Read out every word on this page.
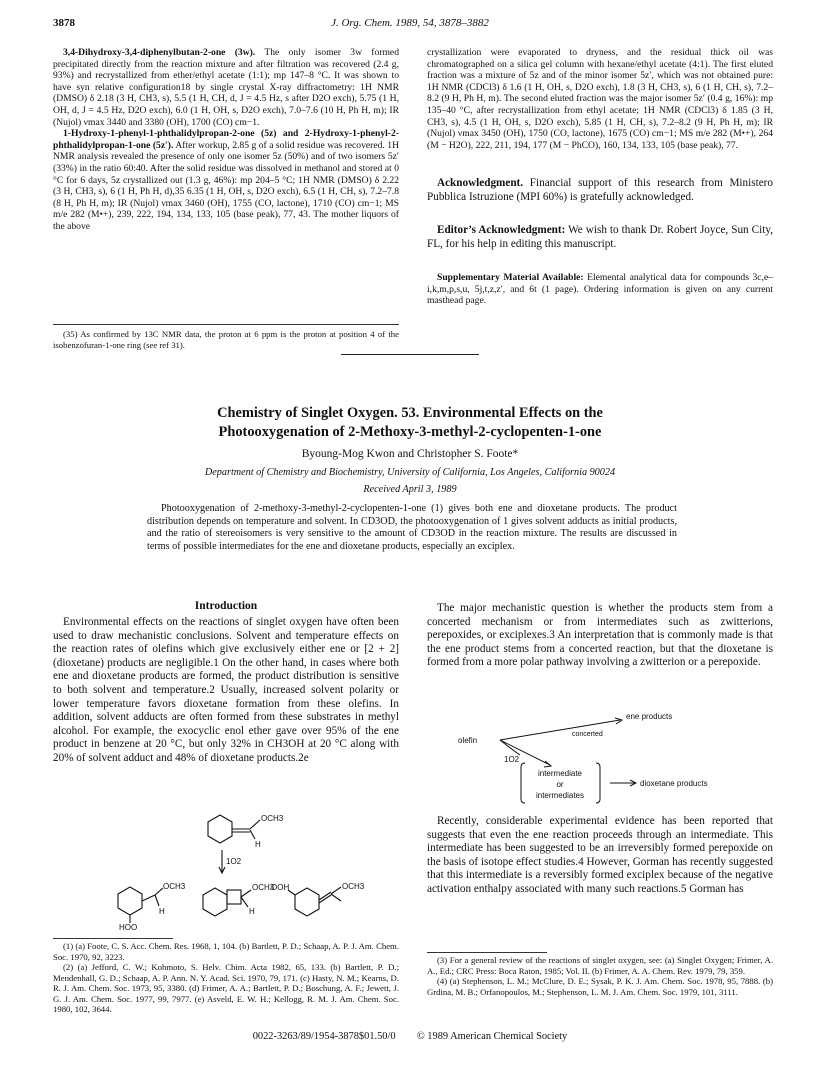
3878	J. Org. Chem. 1989, 54, 3878–3882

3,4-Dihydroxy-3,4-diphenylbutan-2-one (3w). The only isomer 3w formed precipitated directly from the reaction mixture and after filtration was recovered (2.4 g, 93%) and recrystallized from ether/ethyl acetate (1:1); mp 147–8 °C. It was shown to have syn relative configuration18 by single crystal X-ray diffractometry: 1H NMR (DMSO) δ 2.18 (3 H, CH3, s), 5.5 (1 H, CH, d, J = 4.5 Hz, s after D2O exch), 5.75 (1 H, OH, d, J = 4.5 Hz, D2O exch), 6.0 (1 H, OH, s, D2O exch), 7.0–7.6 (10 H, Ph H, m); IR (Nujol) νmax 3440 and 3380 (OH), 1700 (CO) cm−1.

1-Hydroxy-1-phenyl-1-phthalidylpropan-2-one (5z) and 2-Hydroxy-1-phenyl-2-phthalidylpropan-1-one (5z′). After workup, 2.85 g of a solid residue was recovered. 1H NMR analysis revealed the presence of only one isomer 5z (50%) and of two isomers 5z′ (33%) in the ratio 60:40. After the solid residue was dissolved in methanol and stored at 0 °C for 6 days, 5z crystallized out (1.3 g, 46%): mp 204–5 °C; 1H NMR (DMSO) δ 2.22 (3 H, CH3, s), 6 (1 H, Ph H, d),35 6.35 (1 H, OH, s, D2O exch), 6.5 (1 H, CH, s), 7.2–7.8 (8 H, Ph H, m); IR (Nujol) νmax 3460 (OH), 1755 (CO, lactone), 1710 (CO) cm−1; MS m/e 282 (M•+), 239, 222, 194, 134, 133, 105 (base peak), 77, 43. The mother liquors of the above

(35) As confirmed by 13C NMR data, the proton at 6 ppm is the proton at position 4 of the isobenzofuran-1-one ring (see ref 31).

crystallization were evaporated to dryness, and the residual thick oil was chromatographed on a silica gel column with hexane/ethyl acetate (4:1). The first eluted fraction was a mixture of 5z and of the minor isomer 5z′, which was not obtained pure: 1H NMR (CDCl3) δ 1.6 (1 H, OH, s, D2O exch), 1.8 (3 H, CH3, s), 6 (1 H, CH, s), 7.2–8.2 (9 H, Ph H, m). The second eluted fraction was the major isomer 5z′ (0.4 g, 16%): mp 135–40 °C, after recrystallization from ethyl acetate; 1H NMR (CDCl3) δ 1.85 (3 H, CH3, s), 4.5 (1 H, OH, s, D2O exch), 5.85 (1 H, CH, s), 7.2–8.2 (9 H, Ph H, m); IR (Nujol) νmax 3450 (OH), 1750 (CO, lactone), 1675 (CO) cm−1; MS m/e 282 (M•+), 264 (M − H2O), 222, 211, 194, 177 (M − PhCO), 160, 134, 133, 105 (base peak), 77.

Acknowledgment. Financial support of this research from Ministero Pubblica Istruzione (MPI 60%) is gratefully acknowledged.

Editor’s Acknowledgment: We wish to thank Dr. Robert Joyce, Sun City, FL, for his help in editing this manuscript.

Supplementary Material Available: Elemental analytical data for compounds 3c,e–i,k,m,p,s,u, 5j,t,z,z′, and 6t (1 page). Ordering information is given on any current masthead page.

Chemistry of Singlet Oxygen. 53. Environmental Effects on the
Photooxygenation of 2-Methoxy-3-methyl-2-cyclopenten-1-one
Byoung-Mog Kwon and Christopher S. Foote*
Department of Chemistry and Biochemistry, University of California, Los Angeles, California 90024
Received April 3, 1989
Photooxygenation of 2-methoxy-3-methyl-2-cyclopenten-1-one (1) gives both ene and dioxetane products. The product distribution depends on temperature and solvent. In CD3OD, the photooxygenation of 1 gives solvent adducts as initial products, and the ratio of stereoisomers is very sensitive to the amount of CD3OD in the reaction mixture. The results are discussed in terms of possible intermediates for the ene and dioxetane products, especially an exciplex.
Introduction
Environmental effects on the reactions of singlet oxygen have often been used to draw mechanistic conclusions. Solvent and temperature effects on the reaction rates of olefins which give exclusively either ene or [2 + 2] (dioxetane) products are negligible.1 On the other hand, in cases where both ene and dioxetane products are formed, the product distribution is sensitive to both solvent and temperature.2 Usually, increased solvent polarity or lower temperature favors dioxetane formation from these olefins. In addition, solvent adducts are often formed from these substrates in methyl alcohol. For example, the exocyclic enol ether gave over 95% of the ene product in benzene at 20 °C, but only 32% in CH3OH at 20 °C along with 20% of solvent adduct and 48% of dioxetane products.2e
OCH3
H
1O2
OCH3
H
HOO
OCH3
H
OOH	OCH3

(1) (a) Foote, C. S. Acc. Chem. Res. 1968, 1, 104. (b) Bartlett, P. D.; Schaap, A. P. J. Am. Chem. Soc. 1970, 92, 3223.

(2) (a) Jefford, C. W.; Kohmoto, S. Helv. Chim. Acta 1982, 65, 133. (b) Bartlett, P. D.; Mendenhall, G. D.; Schaap, A. P. Ann. N. Y. Acad. Sci. 1970, 79, 171. (c) Hasty, N. M.; Kearns, D. R. J. Am. Chem. Soc. 1973, 95, 3380. (d) Frimer, A. A.; Bartlett, P. D.; Boschung, A. F.; Jewett, J. G. J. Am. Chem. Soc. 1977, 99, 7977. (e) Asveld, E. W. H.; Kellogg, R. M. J. Am. Chem. Soc. 1980, 102, 3644.

The major mechanistic question is whether the products stem from a concerted mechanism or from intermediates such as zwitterions, perepoxides, or exciplexes.3 An interpretation that is commonly made is that the ene product stems from a concerted reaction, but that the dioxetane is formed from a more polar pathway involving a zwitterion or a perepoxide.
ene products
concerted
olefin
1O2
intermediate
or
intermediates
dioxetane products
Recently, considerable experimental evidence has been reported that suggests that even the ene reaction proceeds through an intermediate. This intermediate has been suggested to be an irreversibly formed perepoxide on the basis of isotope effect studies.4 However, Gorman has recently suggested that this intermediate is a reversibly formed exciplex because of the negative activation enthalpy associated with many such reactions.5 Gorman has

(3) For a general review of the reactions of singlet oxygen, see: (a) Singlet Oxygen; Frimer, A. A., Ed.; CRC Press: Boca Raton, 1985; Vol. II. (b) Frimer, A. A. Chem. Rev. 1979, 79, 359.

(4) (a) Stephenson, L. M.; McClure, D. E.; Sysak, P. K. J. Am. Chem. Soc. 1978, 95, 7888. (b) Grdina, M. B.; Orfanopoulos, M.; Stephenson, L. M. J. Am. Chem. Soc. 1979, 101, 3111.

0022-3263/89/1954-3878$01.50/0 © 1989 American Chemical Society
